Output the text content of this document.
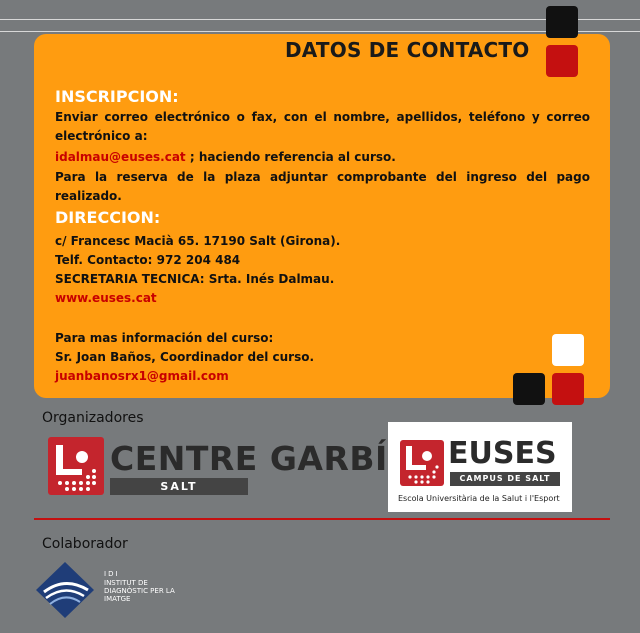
DATOS DE CONTACTO
INSCRIPCION:

Enviar correo electrónico o fax, con el nombre, apellidos, teléfono y correo electrónico a:

idalmau@euses.cat ; haciendo referencia al curso.

Para la reserva de la plaza adjuntar comprobante del ingreso del pago realizado.

DIRECCION:

c/ Francesc Macià 65. 17190 Salt (Girona).

Telf. Contacto: 972 204 484

SECRETARIA TECNICA: Srta. Inés Dalmau.

www.euses.cat

Para mas información del curso:

Sr. Joan Baños, Coordinador del curso.

juanbanosrx1@gmail.com

Organizadores

CENTRE GARBÍ

SALT

EUSES

CAMPUS DE SALT

Escola Universitària de la Salut i l'Esport

Colaborador

IDI

INSTITUT DE DIAGNÒSTIC PER LA IMATGE
